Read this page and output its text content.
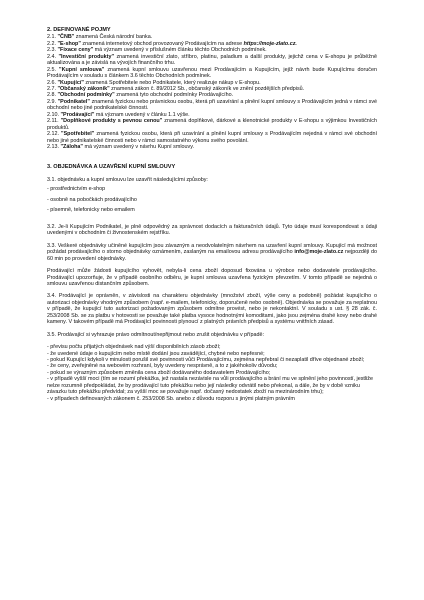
2. DEFINOVANÉ POJMY

2.1. "ČNB" znamená Česká národní banka.

2.2. "E-shop" znamená internetový obchod provozovaný Prodávajícím na adrese https://moje-zlato.cz.

2.3. "Fixace ceny" má význam uvedený v příslušném článku těchto Obchodních podmínek.

2.4. "Investiční produkty" znamená investiční zlato, stříbro, platinu, paladium a další produkty, jejichž cena v E-shopu je průběžně aktualizována a je závislá na vývojích finančního trhu.

2.5. "Kupní smlouva" znamená kupní smlouvu uzavřenou mezi Prodávajícím a Kupujícím, jejíž návrh bude Kupujícímu doručen Prodávajícím v souladu s článkem 3.6 těchto Obchodních podmínek.

2.6. "Kupující" znamená Spotřebitele nebo Podnikatele, který realizuje nákup v E-shopu.

2.7. "Občanský zákoník" znamená zákon č. 89/2012 Sb., občanský zákoník ve znění pozdějších předpisů.

2.8. "Obchodní podmínky" znamená tyto obchodní podmínky Prodávajícího.

2.9. "Podnikatel" znamená fyzickou nebo právnickou osobu, která při uzavírání a plnění kupní smlouvy s Prodávajícím jedná v rámci své obchodní nebo jiné podnikatelské činnosti.

2.10. "Prodávající" má význam uvedený v článku 1.1 výše.

2.11. "Doplňkové produkty s pevnou cenou" znamená doplňkové, dárkové a klenotnické produkty v E-shopu s výjimkou Investičních produktů.

2.12. "Spotřebitel" znamená fyzickou osobu, která při uzavírání a plnění kupní smlouvy s Prodávajícím nejedná v rámci své obchodní nebo jiné podnikatelské činnosti nebo v rámci samostatného výkonu svého povolání.

2.13. "Záloha" má význam uvedený v návrhu Kupní smlouvy.

3. OBJEDNÁVKA A UZAVŘENÍ KUPNÍ SMLOUVY

3.1. objednávku a kupní smlouvu lze uzavřít následujícími způsoby:

- prostřednictvím e-shop
- osobně na pobočkách prodávajícího
- písemně, telefonicky nebo emailem

3.2. Je-li Kupujícím Podnikatel, je plně odpovědný za správnost dodacích a fakturačních údajů. Tyto údaje musí korespondovat s údaji uvedenými v obchodním či živnostenském rejstříku.

3.3. Veškeré objednávky učiněné kupujícím jsou závazným a neodvolatelným návrhem na uzavření kupní smlouvy. Kupující má možnost požádat prodávajícího o storno objednávky oznámením, zaslaným na emailovou adresu prodávajícího info@moje-zlato.cz nejpozději do 60 min po provedení objednávky.

Prodávající může žádosti kupujícího vyhovět, nebyla-li cena zboží doposud fixována u výrobce nebo dodavatele prodávajícího. Prodávající upozorňuje, že v případě osobního odběru, je kupní smlouva uzavřena fyzickým převzetím. V tomto případě se nejedná o smlouvu uzavřenou distančním způsobem.

3.4. Prodávající je oprávněn, v závislosti na charakteru objednávky (množství zboží, výše ceny a podobně) požádat kupujícího o autorizaci objednávky vhodným způsobem (např. e-mailem, telefonicky, doporučeně nebo osobně). Objednávka se považuje za neplatnou v případě, že kupující tuto autorizaci požadovaným způsobem odmítne provést, nebo je nekontaktní. V souladu s ust. § 28 zák. č. 253/2008 Sb. se za platbu v hotovosti se považuje také platba vysoce hodnotnými komoditami, jako jsou zejména drahé kovy nebo drahé kameny. V takovém případě má Prodávající povinnosti plynoucí z platných právních předpisů a systému vnitřních zásad.

3.5. Prodávající si vyhrazuje právo odmítnout/nepřijmout nebo zrušit objednávku v případě:

- převisu počtu přijatých objednávek nad výší disponibilních zásob zboží;
- že uvedené údaje o kupujícím nebo místě dodání jsou zavádějící, chybné nebo nepřesné;
- pokud Kupující kdykoli v minulosti porušil své povinnosti vůči Prodávajícímu, zejména nepřebral či nezaplatil dříve objednané zboží;
- že ceny, zveřejněné na webovém rozhraní, byly uvedeny nesprávně, a to z jakéhokoliv důvodu;
- pokud se výrazným způsobem změnila cena zboží dodávaného dodavatelem Prodávajícího;
- v případě vyšší moci (tím se rozumí překážka, jež nastala nezávisle na vůli prodávajícího a brání mu ve splnění jeho povinností, jestliže nelze rozumně předpokládat, že by prodávající tuto překážku nebo její následky odvrátil nebo překonal, a dále, že by v době vzniku závazku tuto překážku předvídal; za vyšší moc se považuje např. dočasný nedostatek zboží na mezinárodním trhu);
- v případech definovaných zákonem č. 253/2008 Sb. anebo z důvodu rozporu s jinými platným právním
